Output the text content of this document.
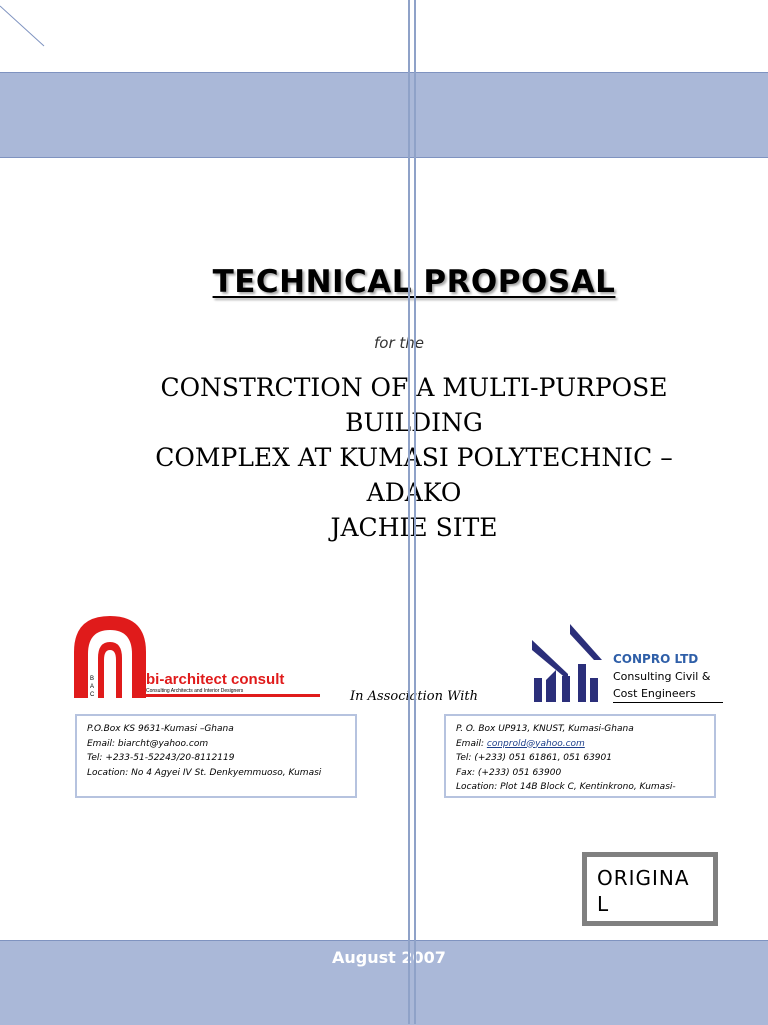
TECHNICAL PROPOSAL
for the
CONSTRCTION OF A MULTI-PURPOSE BUILDING
COMPLEX AT KUMASI POLYTECHNIC – ADAKO
JACHIE SITE
B
A
C
bi-architect consult
Consulting Architects and Interior Designers
CONPRO LTD
Consulting Civil &
Cost Engineers
In Association With
P.O.Box KS 9631-Kumasi –Ghana
Email: biarcht@yahoo.com
Tel: +233-51-52243/20-8112119
Location: No 4 Agyei IV St. Denkyemmuoso, Kumasi
P. O. Box UP913, KNUST, Kumasi-Ghana
Email: conprold@yahoo.com
Tel: (+233) 051 61861, 051 63901
Fax: (+233) 051 63900
Location: Plot 14B Block C, Kentinkrono, Kumasi-
ORIGINA
L
August 2007
